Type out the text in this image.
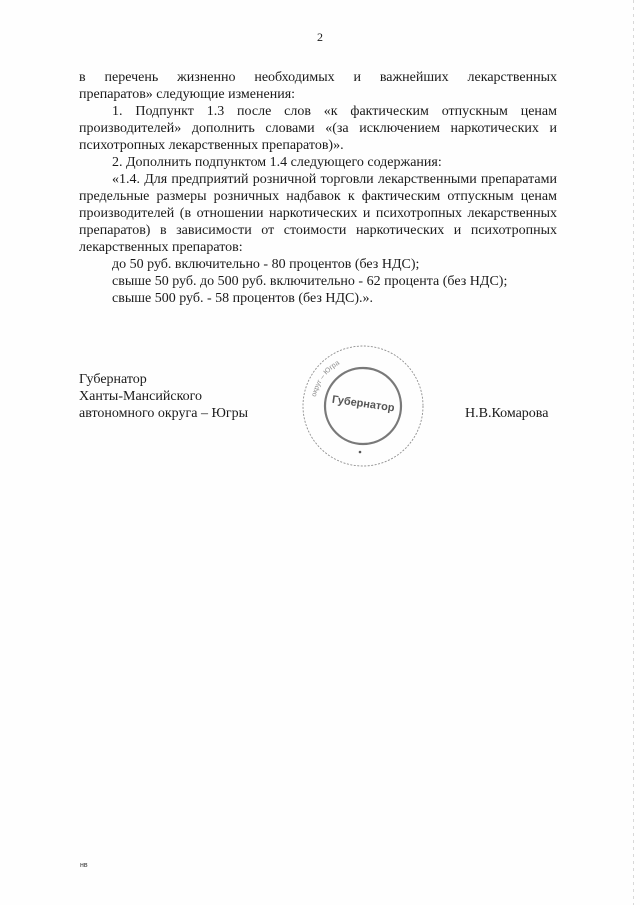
2

в перечень жизненно необходимых и важнейших лекарственных

препаратов» следующие изменения:

1. Подпункт 1.3 после слов «к фактическим отпускным ценам производителей» дополнить словами «(за исключением наркотических и психотропных лекарственных препаратов)».

2. Дополнить подпунктом 1.4 следующего содержания:

«1.4. Для предприятий розничной торговли лекарственными препаратами предельные размеры розничных надбавок к фактическим отпускным ценам производителей (в отношении наркотических и психотропных лекарственных препаратов) в зависимости от стоимости наркотических и психотропных лекарственных препаратов:

до 50 руб. включительно - 80 процентов (без НДС);

свыше 50 руб. до 500 руб. включительно - 62 процента (без НДС);

свыше 500 руб. - 58 процентов (без НДС).».

Губернатор
Ханты-Мансийского
автономного округа – Югры
округ – Югра
Губернатор	Н.В.Комарова
нв
